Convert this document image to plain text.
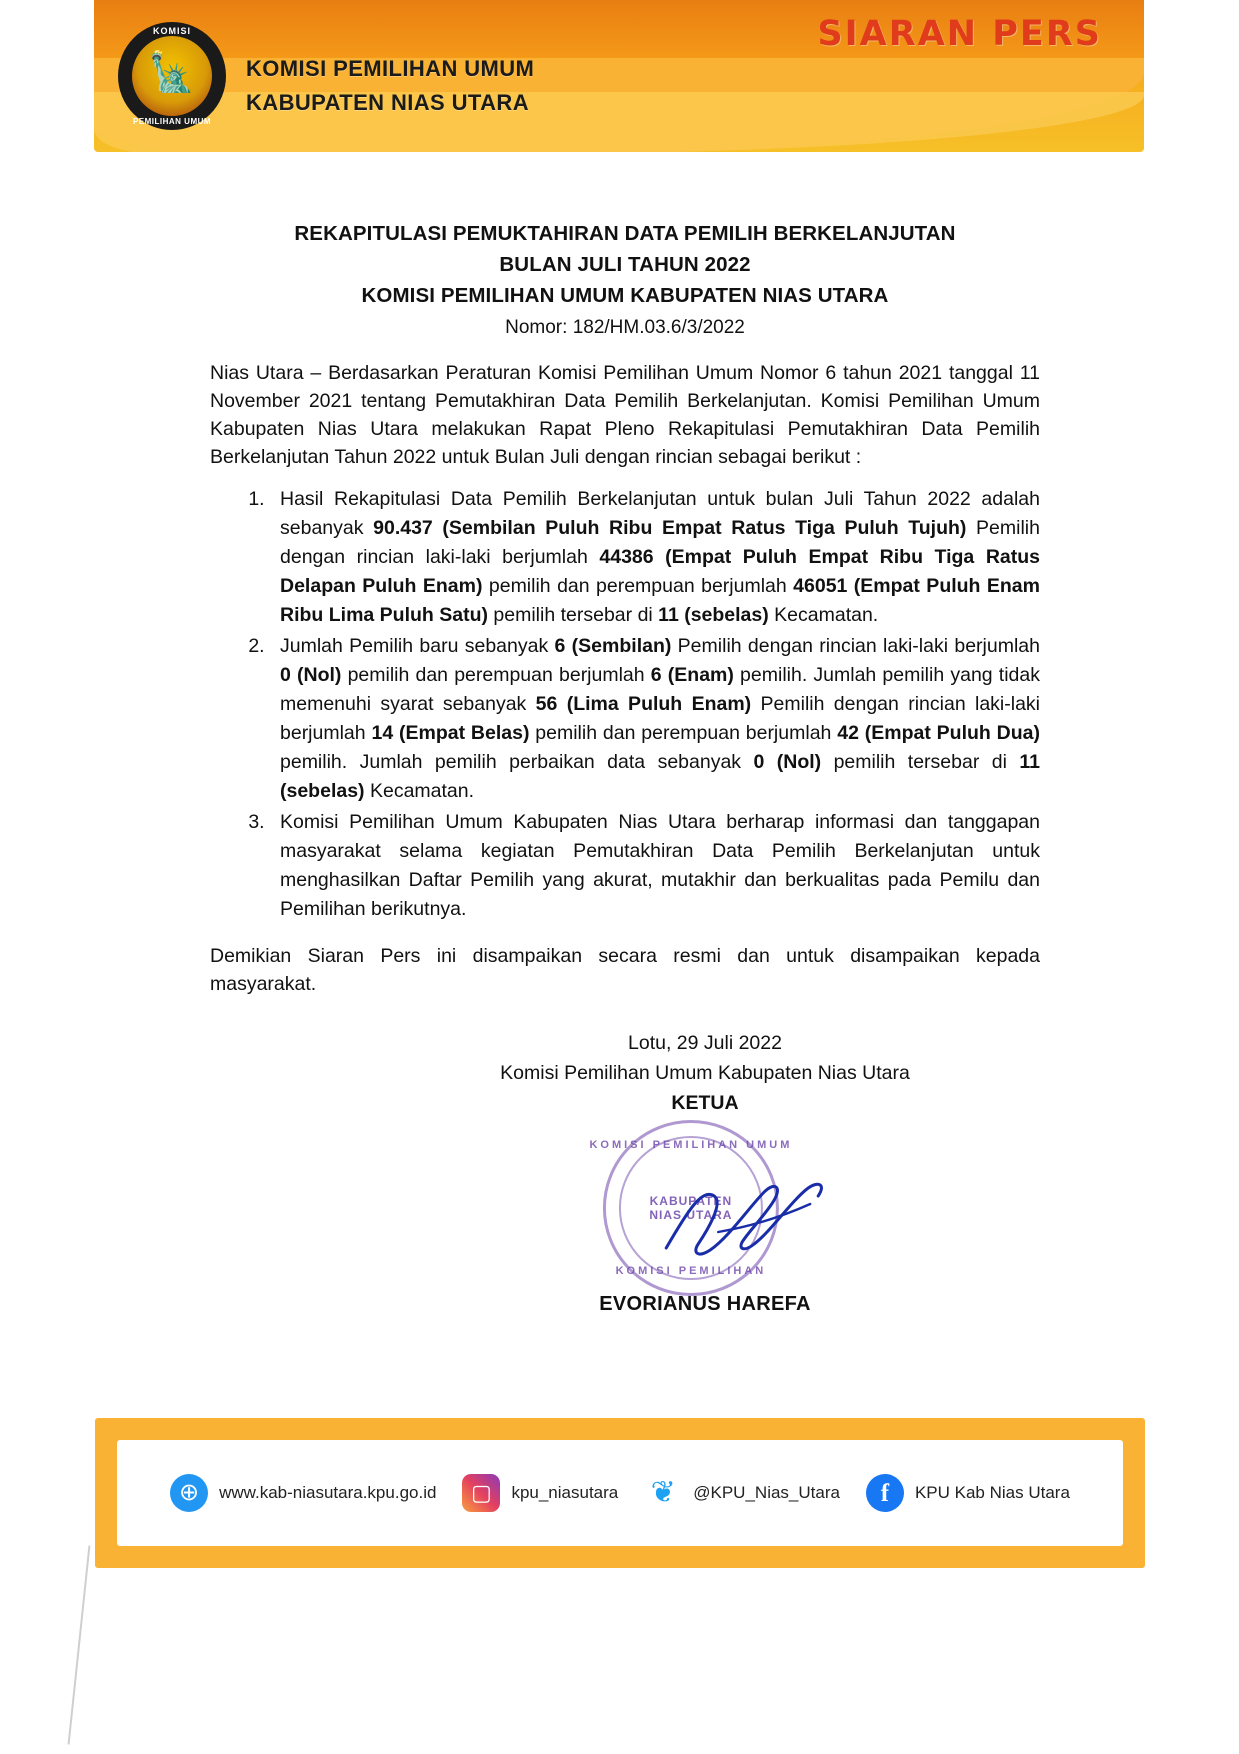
SIARAN PERS
KOMISI
🗽
PEMILIHAN UMUM
KOMISI PEMILIHAN UMUM
KABUPATEN NIAS UTARA
REKAPITULASI PEMUKTAHIRAN DATA PEMILIH BERKELANJUTAN
BULAN JULI TAHUN 2022
KOMISI PEMILIHAN UMUM KABUPATEN NIAS UTARA
Nomor: 182/HM.03.6/3/2022
Nias Utara – Berdasarkan Peraturan Komisi Pemilihan Umum Nomor 6 tahun 2021 tanggal 11 November 2021 tentang Pemutakhiran Data Pemilih Berkelanjutan. Komisi Pemilihan Umum Kabupaten Nias Utara melakukan Rapat Pleno Rekapitulasi Pemutakhiran Data Pemilih Berkelanjutan Tahun 2022 untuk Bulan Juli dengan rincian sebagai berikut :
1. Hasil Rekapitulasi Data Pemilih Berkelanjutan untuk bulan Juli Tahun 2022 adalah sebanyak 90.437 (Sembilan Puluh Ribu Empat Ratus Tiga Puluh Tujuh) Pemilih dengan rincian laki-laki berjumlah 44386 (Empat Puluh Empat Ribu Tiga Ratus Delapan Puluh Enam) pemilih dan perempuan berjumlah 46051 (Empat Puluh Enam Ribu Lima Puluh Satu) pemilih tersebar di 11 (sebelas) Kecamatan.
2. Jumlah Pemilih baru sebanyak 6 (Sembilan) Pemilih dengan rincian laki-laki berjumlah 0 (Nol) pemilih dan perempuan berjumlah 6 (Enam) pemilih. Jumlah pemilih yang tidak memenuhi syarat sebanyak 56 (Lima Puluh Enam) Pemilih dengan rincian laki-laki berjumlah 14 (Empat Belas) pemilih dan perempuan berjumlah 42 (Empat Puluh Dua) pemilih. Jumlah pemilih perbaikan data sebanyak 0 (Nol) pemilih tersebar di 11 (sebelas) Kecamatan.
3. Komisi Pemilihan Umum Kabupaten Nias Utara berharap informasi dan tanggapan masyarakat selama kegiatan Pemutakhiran Data Pemilih Berkelanjutan untuk menghasilkan Daftar Pemilih yang akurat, mutakhir dan berkualitas pada Pemilu dan Pemilihan berikutnya.
Demikian Siaran Pers ini disampaikan secara resmi dan untuk disampaikan kepada masyarakat.
Lotu, 29 Juli 2022
Komisi Pemilihan Umum Kabupaten Nias Utara
KETUA
KOMISI PEMILIHAN UMUM
KABUPATEN
NIAS UTARA
KOMISI PEMILIHAN
EVORIANUS HAREFA
⊕	www.kab-niasutara.kpu.go.id	▢	kpu_niasutara ❦	@KPU_Nias_Utara	f	KPU Kab Nias Utara
